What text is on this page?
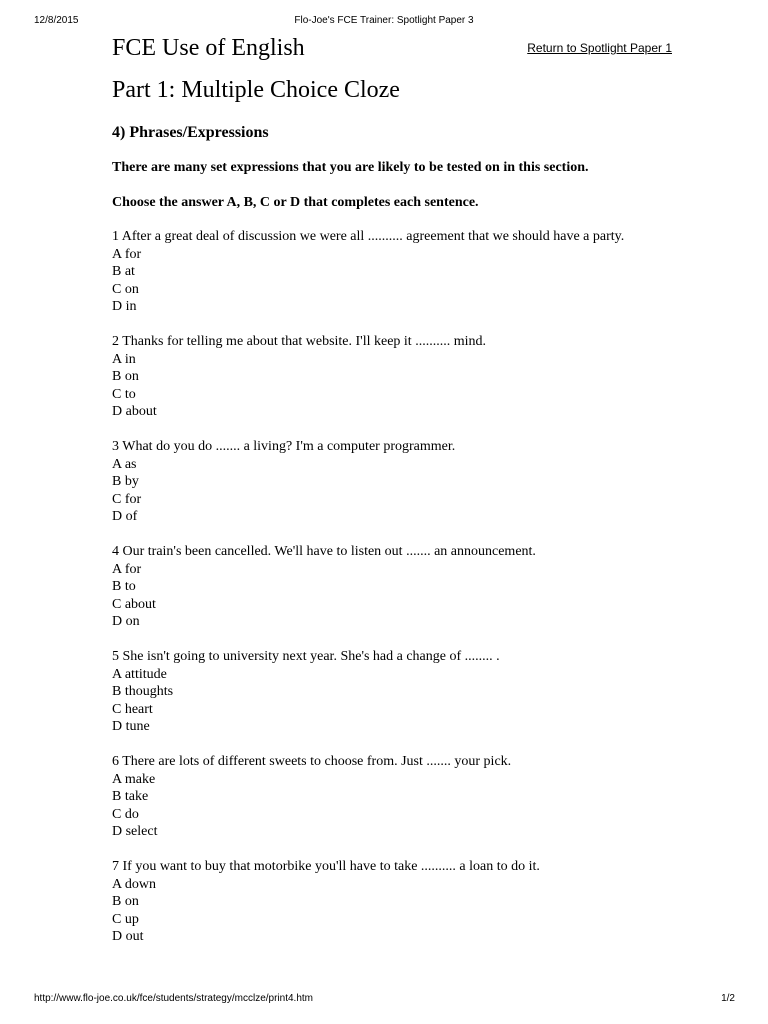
12/8/2015	Flo-Joe's FCE Trainer: Spotlight Paper 3
FCE Use of English	Return to Spotlight Paper 1
Part 1: Multiple Choice Cloze
4) Phrases/Expressions
There are many set expressions that you are likely to be tested on in this section.
Choose the answer A, B, C or D that completes each sentence.
1 After a great deal of discussion we were all .......... agreement that we should have a party.
A for
B at
C on
D in
2 Thanks for telling me about that website. I'll keep it .......... mind.
A in
B on
C to
D about
3 What do you do ....... a living? I'm a computer programmer.
A as
B by
C for
D of
4 Our train's been cancelled. We'll have to listen out ....... an announcement.
A for
B to
C about
D on
5 She isn't going to university next year. She's had a change of ........ .
A attitude
B thoughts
C heart
D tune
6 There are lots of different sweets to choose from. Just ....... your pick.
A make
B take
C do
D select
7 If you want to buy that motorbike you'll have to take .......... a loan to do it.
A down
B on
C up
D out
http://www.flo-joe.co.uk/fce/students/strategy/mcclze/print4.htm	1/2
